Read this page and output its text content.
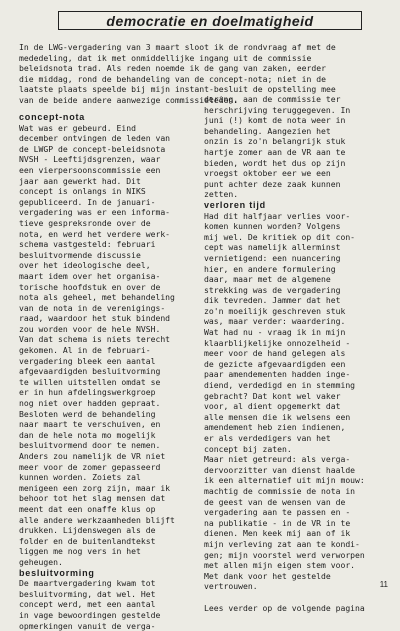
democratie en doelmatigheid
In de LWG-vergadering van 3 maart sloot ik de rondvraag af met de
mededeling, dat ik met onmiddellijke ingang uit de commissie
beleidsnota trad. Als reden noemde ik de gang van zaken, eerder
die middag, rond de behandeling van de concept-nota; niet in de
laatste plaats speelde bij mijn instant-besluit de opstelling mee
van de beide andere aanwezige commissieleden.
concept-nota
Wat was er gebeurd. Eind
december ontvingen de leden van
de LWGP de concept-beleidsnota
NVSH - Leeftijdsgrenzen, waar
een vierpersoonscommissie een
jaar aan gewerkt had. Dit
concept is onlangs in NIKS
gepubliceerd. In de januari-
vergadering was er een informa-
tieve gespreksronde over de
nota, en werd het verdere werk-
schema vastgesteld: februari
besluitvormende discussie
over het ideologische deel,
maart idem over het organisa-
torische hoofdstuk en over de
nota als geheel, met behandeling
van de nota in de verenigings-
raad, waardoor het stuk bindend
zou worden voor de hele NVSH.
Van dat schema is niets terecht
gekomen. Al in de februari-
vergadering bleek een aantal
afgevaardigden besluitvorming
te willen uitstellen omdat se
er in hun afdelingswerkgroep
nog niet over hadden gepraat.
Besloten werd de behandeling
naar maart te verschuiven, en
dan de hele nota mo mogelijk
besluitvormend door te nemen.
Anders zou namelijk de VR niet
meer voor de zomer gepasseerd
kunnen worden. Zoiets zal
menigeen een zorg zijn, maar ik
behoor tot het slag mensen dat
meent dat een onaffe klus op
alle andere werkzaamheden blijft
drukken. Lijdenswegen als de
folder en de buitenlandtekst
liggen me nog vers in het
geheugen.
besluitvorming
De maartvergadering kwam tot
besluitvorming, dat wel. Het
concept werd, met een aantal
in vage bewoordingen gestelde
opmerkingen vanuit de verga-
dering, aan de commissie ter
herschrijving teruggegeven. In
juni (!) komt de nota weer in
behandeling. Aangezien het
onzin is zo'n belangrijk stuk
hartje zomer aan de VR aan te
bieden, wordt het dus op zijn
vroegst oktober eer we een
punt achter deze zaak kunnen
zetten.
verloren tijd
Had dit halfjaar verlies voor-
komen kunnen worden? Volgens
mij wel. De kritiek op dit con-
cept was namelijk allerminst
vernietigend: een nuancering
hier, en andere formulering
daar, maar met de algemene
strekking was de vergadering
dik tevreden. Jammer dat het
zo'n moeilijk geschreven stuk
was, maar verder: waardering.
Wat had nu - vraag ik in mijn
klaarblijkelijke onnozelheid -
meer voor de hand gelegen als
de gezicte afgevaardigden een
paar amendementen hadden inge-
diend, verdedigd en in stemming
gebracht? Dat kont wel vaker
voor, al dient opgemerkt dat
alle mensen die ik welsens een
amendement heb zien indienen,
er als verdedigers van het
concept bij zaten.
Maar niet getreurd: als verga-
dervoorzitter van dienst haalde
ik een alternatief uit mijn mouw:
machtig de commissie de nota in
de geest van de wensen van de
vergadering aan te passen en -
na publikatie - in de VR in te
dienen. Men keek mij aan of ik
mijn verleving zat aan te kondi-
gen; mijn voorstel werd verworpen
met allen mijn eigen stem voor.
Met dank voor het gestelde
vertrouwen.
Lees verder op de volgende pagina
11
